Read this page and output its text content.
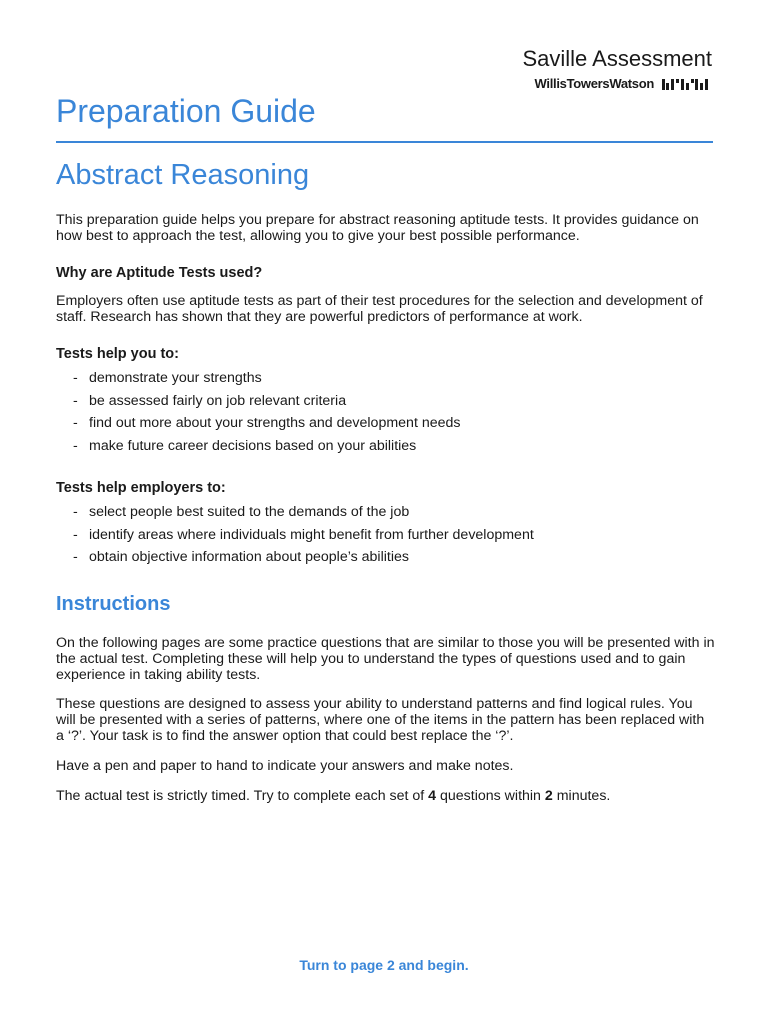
Saville Assessment
WillisTowersWatson
Preparation Guide
Abstract Reasoning

This preparation guide helps you prepare for abstract reasoning aptitude tests. It provides guidance on how best to approach the test, allowing you to give your best possible performance.

Why are Aptitude Tests used?

Employers often use aptitude tests as part of their test procedures for the selection and development of staff. Research has shown that they are powerful predictors of performance at work.

Tests help you to:

- demonstrate your strengths
- be assessed fairly on job relevant criteria
- find out more about your strengths and development needs
- make future career decisions based on your abilities

Tests help employers to:

- select people best suited to the demands of the job
- identify areas where individuals might benefit from further development
- obtain objective information about people’s abilities

Instructions

On the following pages are some practice questions that are similar to those you will be presented with in the actual test. Completing these will help you to understand the types of questions used and to gain experience in taking ability tests.

These questions are designed to assess your ability to understand patterns and find logical rules. You will be presented with a series of patterns, where one of the items in the pattern has been replaced with a ‘?’. Your task is to find the answer option that could best replace the ‘?’.

Have a pen and paper to hand to indicate your answers and make notes.

The actual test is strictly timed. Try to complete each set of 4 questions within 2 minutes.

Turn to page 2 and begin.
